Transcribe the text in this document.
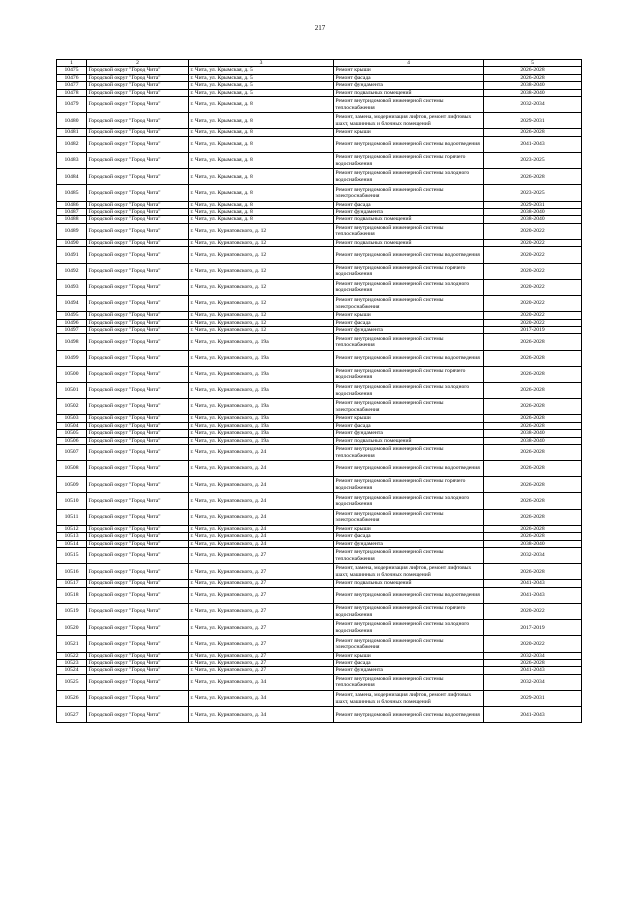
217
1	2	3	4	5
10475	Городской округ "Город Чита"	г. Чита, ул. Крымская, д. 5	Ремонт крыши	2026-2028
10476	Городской округ "Город Чита"	г. Чита, ул. Крымская, д. 5	Ремонт фасада	2026-2028
10477	Городской округ "Город Чита"	г. Чита, ул. Крымская, д. 5	Ремонт фундамента	2038-2040
10478	Городской округ "Город Чита"	г. Чита, ул. Крымская, д. 5	Ремонт подвальных помещений	2038-2040
10479	Городской округ "Город Чита"	г. Чита, ул. Крымская, д. 8	Ремонт внутридомовой инженерной системы теплоснабжения	2032-2034
10480	Городской округ "Город Чита"	г. Чита, ул. Крымская, д. 8	Ремонт, замена, модернизация лифтов, ремонт лифтовых шахт, машинных и блочных помещений	2029-2031
10481	Городской округ "Город Чита"	г. Чита, ул. Крымская, д. 8	Ремонт крыши	2026-2028
10482	Городской округ "Город Чита"	г. Чита, ул. Крымская, д. 8	Ремонт внутридомовой инженерной системы водоотведения	2041-2043
10483	Городской округ "Город Чита"	г. Чита, ул. Крымская, д. 8	Ремонт внутридомовой инженерной системы горячего водоснабжения	2023-2025
10484	Городской округ "Город Чита"	г. Чита, ул. Крымская, д. 8	Ремонт внутридомовой инженерной системы холодного водоснабжения	2026-2028
10485	Городской округ "Город Чита"	г. Чита, ул. Крымская, д. 8	Ремонт внутридомовой инженерной системы электроснабжения	2023-2025
10486	Городской округ "Город Чита"	г. Чита, ул. Крымская, д. 8	Ремонт фасада	2029-2031
10487	Городской округ "Город Чита"	г. Чита, ул. Крымская, д. 8	Ремонт фундамента	2038-2040
10488	Городской округ "Город Чита"	г. Чита, ул. Крымская, д. 8	Ремонт подвальных помещений	2038-2040
10489	Городской округ "Город Чита"	г. Чита, ул. Курнатовского, д. 12	Ремонт внутридомовой инженерной системы теплоснабжения	2020-2022
10490	Городской округ "Город Чита"	г. Чита, ул. Курнатовского, д. 12	Ремонт подвальных помещений	2020-2022
10491	Городской округ "Город Чита"	г. Чита, ул. Курнатовского, д. 12	Ремонт внутридомовой инженерной системы водоотведения	2020-2022
10492	Городской округ "Город Чита"	г. Чита, ул. Курнатовского, д. 12	Ремонт внутридомовой инженерной системы горячего водоснабжения	2020-2022
10493	Городской округ "Город Чита"	г. Чита, ул. Курнатовского, д. 12	Ремонт внутридомовой инженерной системы холодного водоснабжения	2020-2022
10494	Городской округ "Город Чита"	г. Чита, ул. Курнатовского, д. 12	Ремонт внутридомовой инженерной системы электроснабжения	2020-2022
10495	Городской округ "Город Чита"	г. Чита, ул. Курнатовского, д. 12	Ремонт крыши	2020-2022
10496	Городской округ "Город Чита"	г. Чита, ул. Курнатовского, д. 12	Ремонт фасада	2020-2022
10497	Городской округ "Город Чита"	г. Чита, ул. Курнатовского, д. 12	Ремонт фундамента	2017-2019
10498	Городской округ "Город Чита"	г. Чита, ул. Курнатовского, д. 19а	Ремонт внутридомовой инженерной системы теплоснабжения	2026-2028
10499	Городской округ "Город Чита"	г. Чита, ул. Курнатовского, д. 19а	Ремонт внутридомовой инженерной системы водоотведения	2026-2028
10500	Городской округ "Город Чита"	г. Чита, ул. Курнатовского, д. 19а	Ремонт внутридомовой инженерной системы горячего водоснабжения	2026-2028
10501	Городской округ "Город Чита"	г. Чита, ул. Курнатовского, д. 19а	Ремонт внутридомовой инженерной системы холодного водоснабжения	2026-2028
10502	Городской округ "Город Чита"	г. Чита, ул. Курнатовского, д. 19а	Ремонт внутридомовой инженерной системы электроснабжения	2026-2028
10503	Городской округ "Город Чита"	г. Чита, ул. Курнатовского, д. 19а	Ремонт крыши	2026-2028
10504	Городской округ "Город Чита"	г. Чита, ул. Курнатовского, д. 19а	Ремонт фасада	2026-2028
10505	Городской округ "Город Чита"	г. Чита, ул. Курнатовского, д. 19а	Ремонт фундамента	2038-2040
10506	Городской округ "Город Чита"	г. Чита, ул. Курнатовского, д. 19а	Ремонт подвальных помещений	2038-2040
10507	Городской округ "Город Чита"	г. Чита, ул. Курнатовского, д. 24	Ремонт внутридомовой инженерной системы теплоснабжения	2026-2028
10508	Городской округ "Город Чита"	г. Чита, ул. Курнатовского, д. 24	Ремонт внутридомовой инженерной системы водоотведения	2026-2028
10509	Городской округ "Город Чита"	г. Чита, ул. Курнатовского, д. 24	Ремонт внутридомовой инженерной системы горячего водоснабжения	2026-2028
10510	Городской округ "Город Чита"	г. Чита, ул. Курнатовского, д. 24	Ремонт внутридомовой инженерной системы холодного водоснабжения	2026-2028
10511	Городской округ "Город Чита"	г. Чита, ул. Курнатовского, д. 24	Ремонт внутридомовой инженерной системы электроснабжения	2026-2028
10512	Городской округ "Город Чита"	г. Чита, ул. Курнатовского, д. 24	Ремонт крыши	2026-2028
10513	Городской округ "Город Чита"	г. Чита, ул. Курнатовского, д. 24	Ремонт фасада	2026-2028
10514	Городской округ "Город Чита"	г. Чита, ул. Курнатовского, д. 24	Ремонт фундамента	2038-2040
10515	Городской округ "Город Чита"	г. Чита, ул. Курнатовского, д. 27	Ремонт внутридомовой инженерной системы теплоснабжения	2032-2034
10516	Городской округ "Город Чита"	г. Чита, ул. Курнатовского, д. 27	Ремонт, замена, модернизация лифтов, ремонт лифтовых шахт, машинных и блочных помещений	2026-2028
10517	Городской округ "Город Чита"	г. Чита, ул. Курнатовского, д. 27	Ремонт подвальных помещений	2041-2043
10518	Городской округ "Город Чита"	г. Чита, ул. Курнатовского, д. 27	Ремонт внутридомовой инженерной системы водоотведения	2041-2043
10519	Городской округ "Город Чита"	г. Чита, ул. Курнатовского, д. 27	Ремонт внутридомовой инженерной системы горячего водоснабжения	2020-2022
10520	Городской округ "Город Чита"	г. Чита, ул. Курнатовского, д. 27	Ремонт внутридомовой инженерной системы холодного водоснабжения	2017-2019
10521	Городской округ "Город Чита"	г. Чита, ул. Курнатовского, д. 27	Ремонт внутридомовой инженерной системы электроснабжения	2020-2022
10522	Городской округ "Город Чита"	г. Чита, ул. Курнатовского, д. 27	Ремонт крыши	2032-2034
10523	Городской округ "Город Чита"	г. Чита, ул. Курнатовского, д. 27	Ремонт фасада	2026-2028
10524	Городской округ "Город Чита"	г. Чита, ул. Курнатовского, д. 27	Ремонт фундамента	2041-2043
10525	Городской округ "Город Чита"	г. Чита, ул. Курнатовского, д. 34	Ремонт внутридомовой инженерной системы теплоснабжения	2032-2034
10526	Городской округ "Город Чита"	г. Чита, ул. Курнатовского, д. 34	Ремонт, замена, модернизация лифтов, ремонт лифтовых шахт, машинных и блочных помещений	2029-2031
10527	Городской округ "Город Чита"	г. Чита, ул. Курнатовского, д. 34	Ремонт внутридомовой инженерной системы водоотведения	2041-2043
